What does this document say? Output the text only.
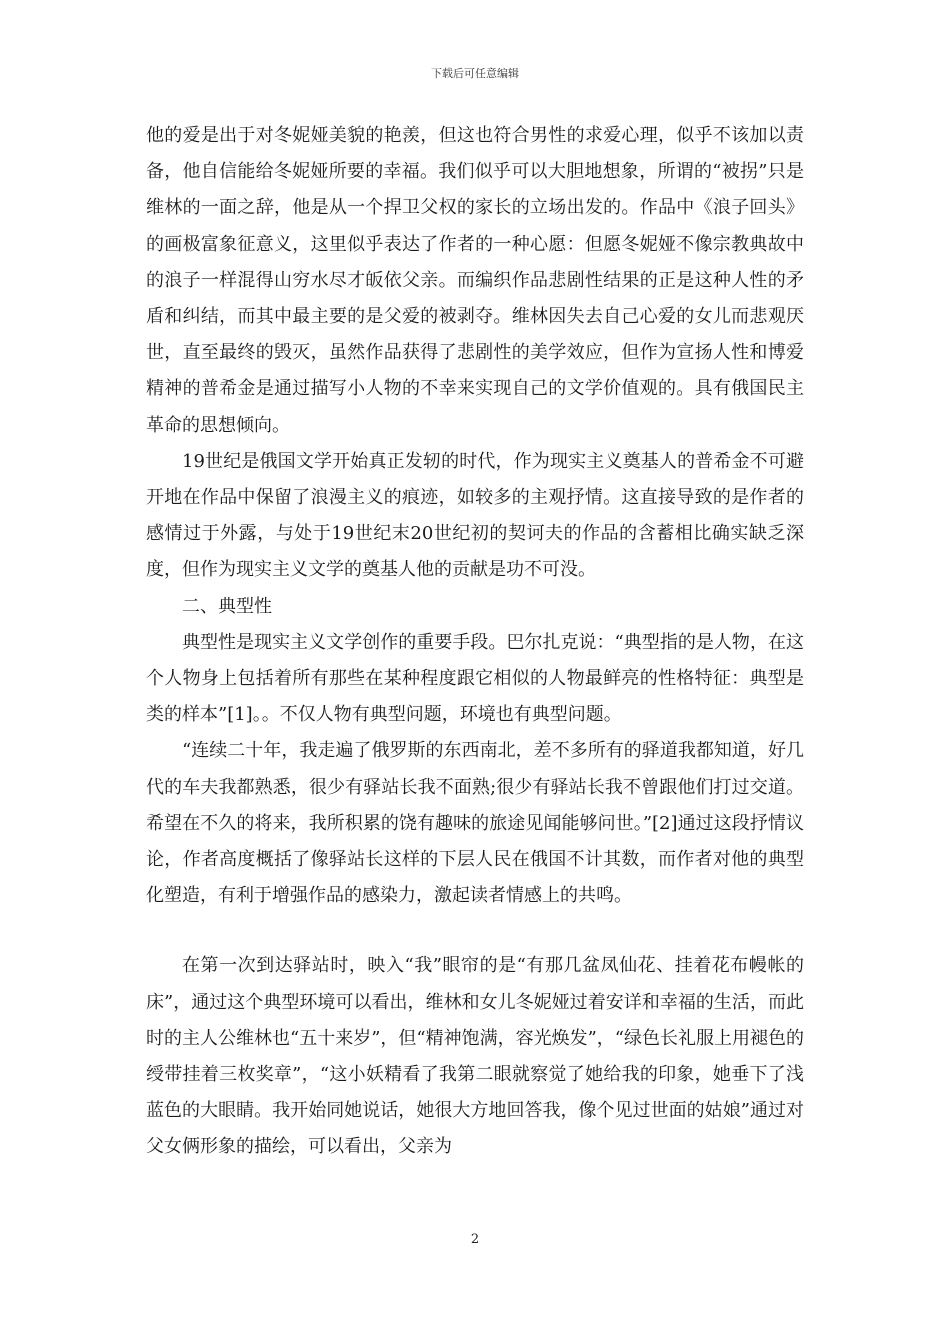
下载后可任意编辑

他的爱是出于对冬妮娅美貌的艳羡，但这也符合男性的求爱心理，似乎不该加以责备，他自信能给冬妮娅所要的幸福。我们似乎可以大胆地想象，所谓的“被拐”只是维林的一面之辞，他是从一个捍卫父权的家长的立场出发的。作品中《浪子回头》的画极富象征意义，这里似乎表达了作者的一种心愿：但愿冬妮娅不像宗教典故中的浪子一样混得山穷水尽才皈依父亲。而编织作品悲剧性结果的正是这种人性的矛盾和纠结，而其中最主要的是父爱的被剥夺。维林因失去自己心爱的女儿而悲观厌世，直至最终的毁灭，虽然作品获得了悲剧性的美学效应，但作为宣扬人性和博爱精神的普希金是通过描写小人物的不幸来实现自己的文学价值观的。具有俄国民主革命的思想倾向。

19世纪是俄国文学开始真正发轫的时代，作为现实主义奠基人的普希金不可避开地在作品中保留了浪漫主义的痕迹，如较多的主观抒情。这直接导致的是作者的感情过于外露，与处于19世纪末20世纪初的契诃夫的作品的含蓄相比确实缺乏深度，但作为现实主义文学的奠基人他的贡献是功不可没。

二、典型性

典型性是现实主义文学创作的重要手段。巴尔扎克说：“典型指的是人物，在这个人物身上包括着所有那些在某种程度跟它相似的人物最鲜亮的性格特征：典型是类的样本”[1]。。不仅人物有典型问题，环境也有典型问题。

“连续二十年，我走遍了俄罗斯的东西南北，差不多所有的驿道我都知道，好几代的车夫我都熟悉，很少有驿站长我不面熟;很少有驿站长我不曾跟他们打过交道。希望在不久的将来，我所积累的饶有趣味的旅途见闻能够问世。”[2]通过这段抒情议论，作者高度概括了像驿站长这样的下层人民在俄国不计其数，而作者对他的典型化塑造，有利于增强作品的感染力，激起读者情感上的共鸣。

在第一次到达驿站时，映入“我”眼帘的是“有那几盆凤仙花、挂着花布幔帐的床”，通过这个典型环境可以看出，维林和女儿冬妮娅过着安详和幸福的生活，而此时的主人公维林也“五十来岁”，但“精神饱满，容光焕发”，“绿色长礼服上用褪色的绶带挂着三枚奖章”，“这小妖精看了我第二眼就察觉了她给我的印象，她垂下了浅蓝色的大眼睛。我开始同她说话，她很大方地回答我，像个见过世面的姑娘”通过对父女俩形象的描绘，可以看出，父亲为

2
